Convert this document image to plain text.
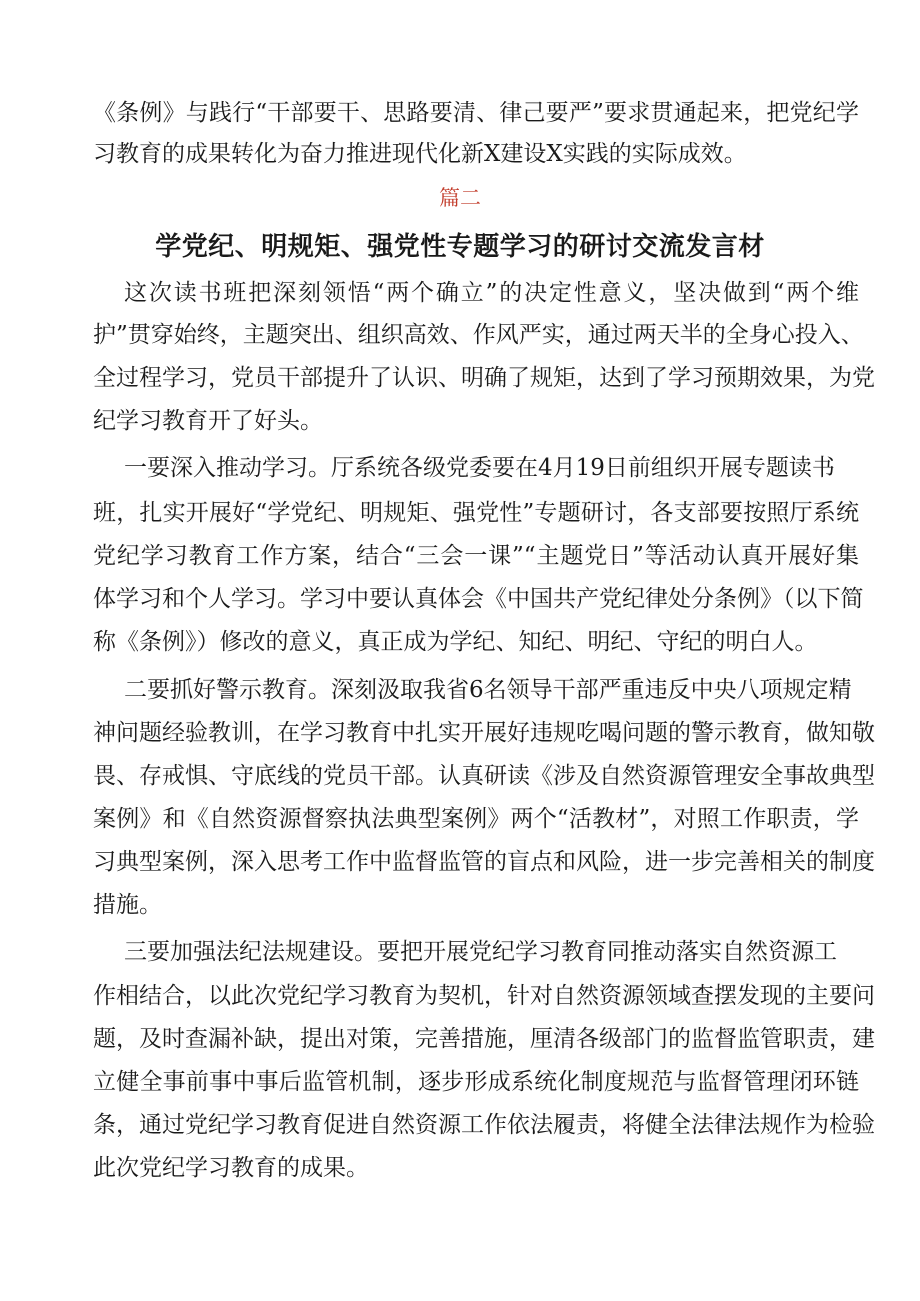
《条例》与践行“干部要干、思路要清、律己要严”要求贯通起来，把党纪学
习教育的成果转化为奋力推进现代化新X建设X实践的实际成效。
篇二
学党纪、明规矩、强党性专题学习的研讨交流发言材
这次读书班把深刻领悟“两个确立”的决定性意义，坚决做到“两个维
护”贯穿始终，主题突出、组织高效、作风严实，通过两天半的全身心投入、
全过程学习，党员干部提升了认识、明确了规矩，达到了学习预期效果，为党
纪学习教育开了好头。
一要深入推动学习。厅系统各级党委要在4月19日前组织开展专题读书
班，扎实开展好“学党纪、明规矩、强党性”专题研讨，各支部要按照厅系统
党纪学习教育工作方案，结合“三会一课”“主题党日”等活动认真开展好集
体学习和个人学习。学习中要认真体会《中国共产党纪律处分条例》（以下简
称《条例》）修改的意义，真正成为学纪、知纪、明纪、守纪的明白人。
二要抓好警示教育。深刻汲取我省6名领导干部严重违反中央八项规定精
神问题经验教训，在学习教育中扎实开展好违规吃喝问题的警示教育，做知敬
畏、存戒惧、守底线的党员干部。认真研读《涉及自然资源管理安全事故典型
案例》和《自然资源督察执法典型案例》两个“活教材”，对照工作职责，学
习典型案例，深入思考工作中监督监管的盲点和风险，进一步完善相关的制度
措施。
三要加强法纪法规建设。要把开展党纪学习教育同推动落实自然资源工
作相结合，以此次党纪学习教育为契机，针对自然资源领域查摆发现的主要问
题，及时查漏补缺，提出对策，完善措施，厘清各级部门的监督监管职责，建
立健全事前事中事后监管机制，逐步形成系统化制度规范与监督管理闭环链
条，通过党纪学习教育促进自然资源工作依法履责，将健全法律法规作为检验
此次党纪学习教育的成果。
